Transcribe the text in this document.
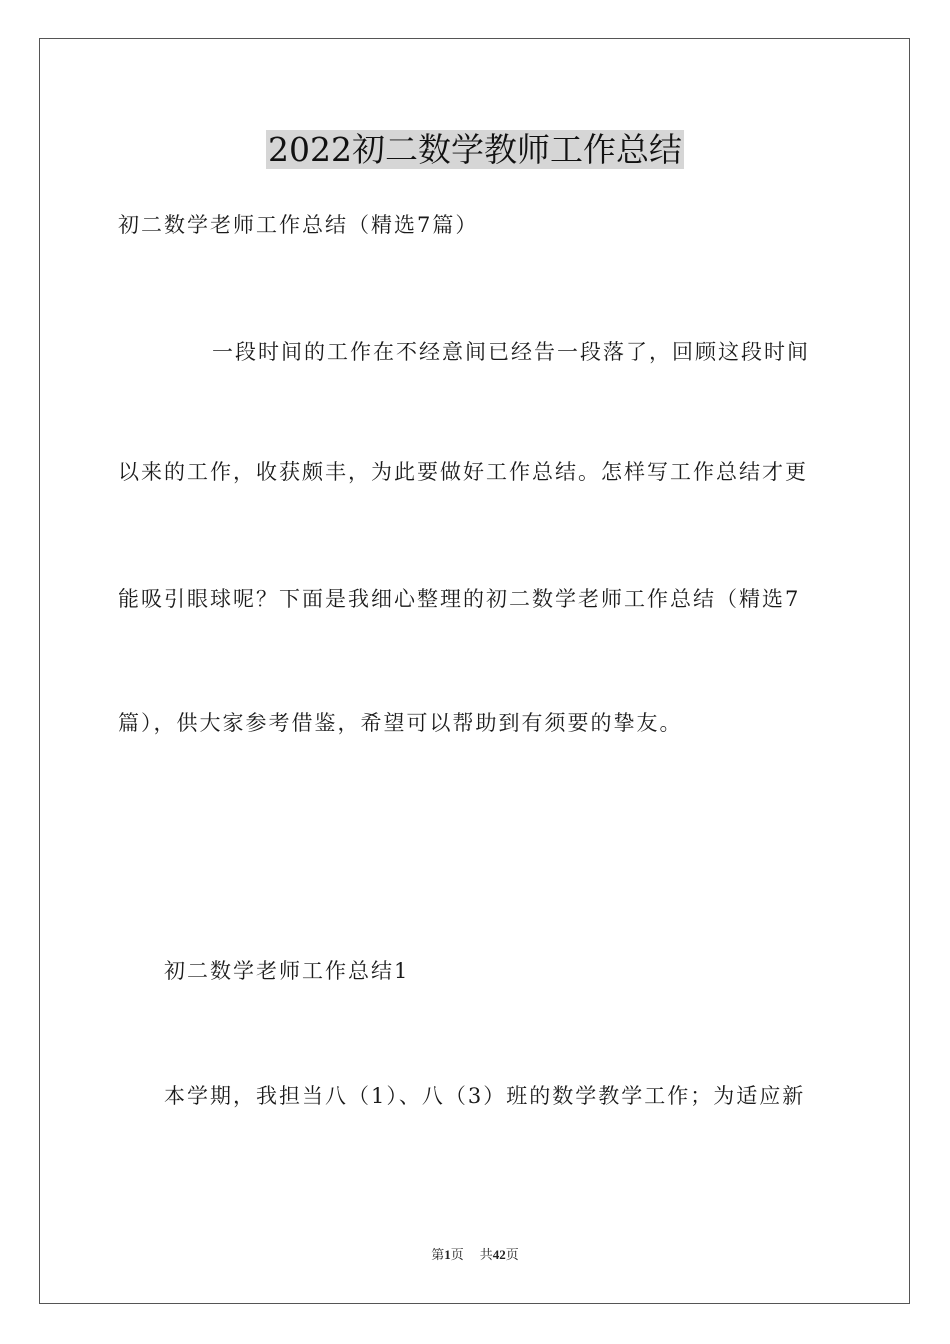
2022初二数学教师工作总结
初二数学老师工作总结（精选7篇）
一段时间的工作在不经意间已经告一段落了，回顾这段时间
以来的工作，收获颇丰，为此要做好工作总结。怎样写工作总结才更
能吸引眼球呢？下面是我细心整理的初二数学老师工作总结（精选7
篇），供大家参考借鉴，希望可以帮助到有须要的挚友。
初二数学老师工作总结1
本学期，我担当八（1）、八（3）班的数学教学工作；为适应新
第1页 共42页
